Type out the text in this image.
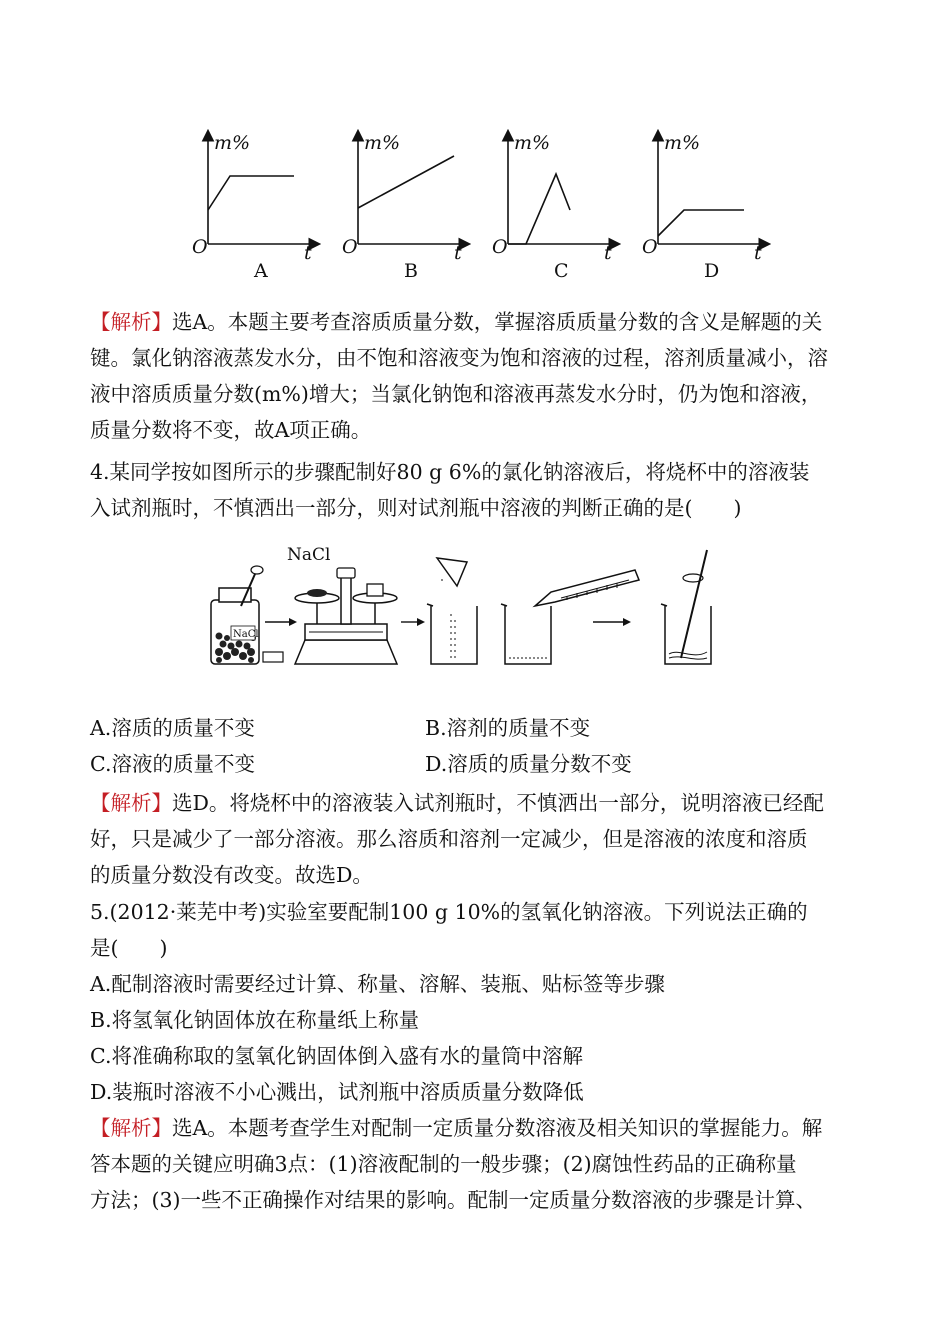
m%
O	t
A
m%
O	t
B
m%
O	t
C
m%
O	t
D
【解析】选A。本题主要考查溶质质量分数，掌握溶质质量分数的含义是解题的关
键。氯化钠溶液蒸发水分，由不饱和溶液变为饱和溶液的过程，溶剂质量减小，溶
液中溶质质量分数(m%)增大；当氯化钠饱和溶液再蒸发水分时，仍为饱和溶液，
质量分数将不变，故A项正确。
4.某同学按如图所示的步骤配制好80 g 6%的氯化钠溶液后，将烧杯中的溶液装
入试剂瓶时，不慎洒出一部分，则对试剂瓶中溶液的判断正确的是(　　)
NaCl
NaCl
A.溶质的质量不变	B.溶剂的质量不变
C.溶液的质量不变	D.溶质的质量分数不变
【解析】选D。将烧杯中的溶液装入试剂瓶时，不慎洒出一部分，说明溶液已经配
好，只是减少了一部分溶液。那么溶质和溶剂一定减少，但是溶液的浓度和溶质
的质量分数没有改变。故选D。
5.(2012·莱芜中考)实验室要配制100 g 10%的氢氧化钠溶液。下列说法正确的
是(　　)
A.配制溶液时需要经过计算、称量、溶解、装瓶、贴标签等步骤
B.将氢氧化钠固体放在称量纸上称量
C.将准确称取的氢氧化钠固体倒入盛有水的量筒中溶解
D.装瓶时溶液不小心溅出，试剂瓶中溶质质量分数降低
【解析】选A。本题考查学生对配制一定质量分数溶液及相关知识的掌握能力。解
答本题的关键应明确3点：(1)溶液配制的一般步骤；(2)腐蚀性药品的正确称量
方法；(3)一些不正确操作对结果的影响。配制一定质量分数溶液的步骤是计算、
